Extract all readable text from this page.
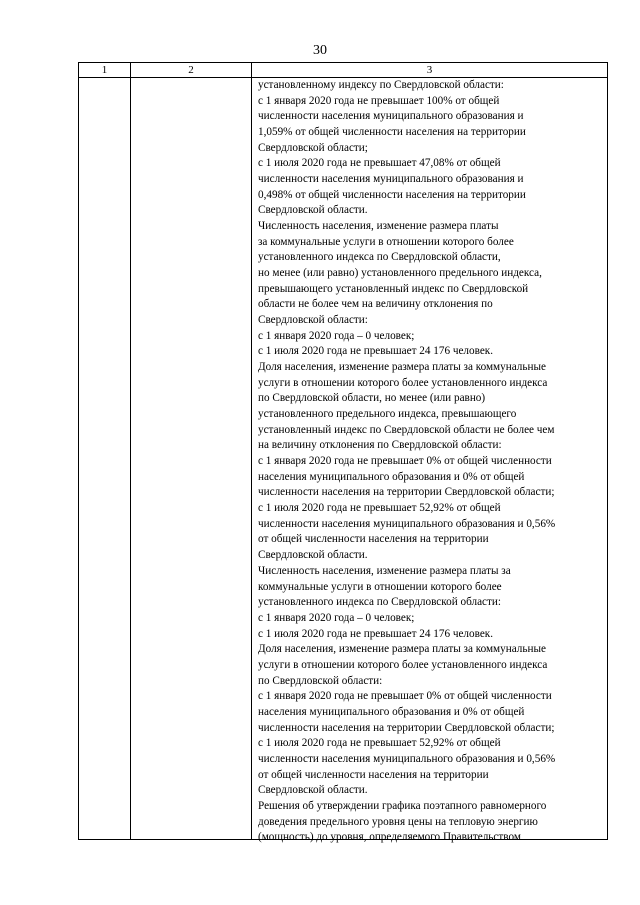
30
1	2	3
установленному индексу по Свердловской области:
с 1 января 2020 года не превышает 100% от общей
численности населения муниципального образования и
1,059% от общей численности населения на территории
Свердловской области;
с 1 июля 2020 года не превышает 47,08% от общей
численности населения муниципального образования и
0,498% от общей численности населения на территории
Свердловской области.
Численность населения, изменение размера платы
за коммунальные услуги в отношении которого более
установленного индекса по Свердловской области,
но менее (или равно) установленного предельного индекса,
превышающего установленный индекс по Свердловской
области не более чем на величину отклонения по
Свердловской области:
с 1 января 2020 года – 0 человек;
с 1 июля 2020 года не превышает 24 176 человек.
Доля населения, изменение размера платы за коммунальные
услуги в отношении которого более установленного индекса
по Свердловской области, но менее (или равно)
установленного предельного индекса, превышающего
установленный индекс по Свердловской области не более чем
на величину отклонения по Свердловской области:
с 1 января 2020 года не превышает 0% от общей численности
населения муниципального образования и 0% от общей
численности населения на территории Свердловской области;
с 1 июля 2020 года не превышает 52,92% от общей
численности населения муниципального образования и 0,56%
от общей численности населения на территории
Свердловской области.
Численность населения, изменение размера платы за
коммунальные услуги в отношении которого более
установленного индекса по Свердловской области:
с 1 января 2020 года – 0 человек;
с 1 июля 2020 года не превышает 24 176 человек.
Доля населения, изменение размера платы за коммунальные
услуги в отношении которого более установленного индекса
по Свердловской области:
с 1 января 2020 года не превышает 0% от общей численности
населения муниципального образования и 0% от общей
численности населения на территории Свердловской области;
с 1 июля 2020 года не превышает 52,92% от общей
численности населения муниципального образования и 0,56%
от общей численности населения на территории
Свердловской области.
Решения об утверждении графика поэтапного равномерного
доведения предельного уровня цены на тепловую энергию
(мощность) до уровня, определяемого Правительством
